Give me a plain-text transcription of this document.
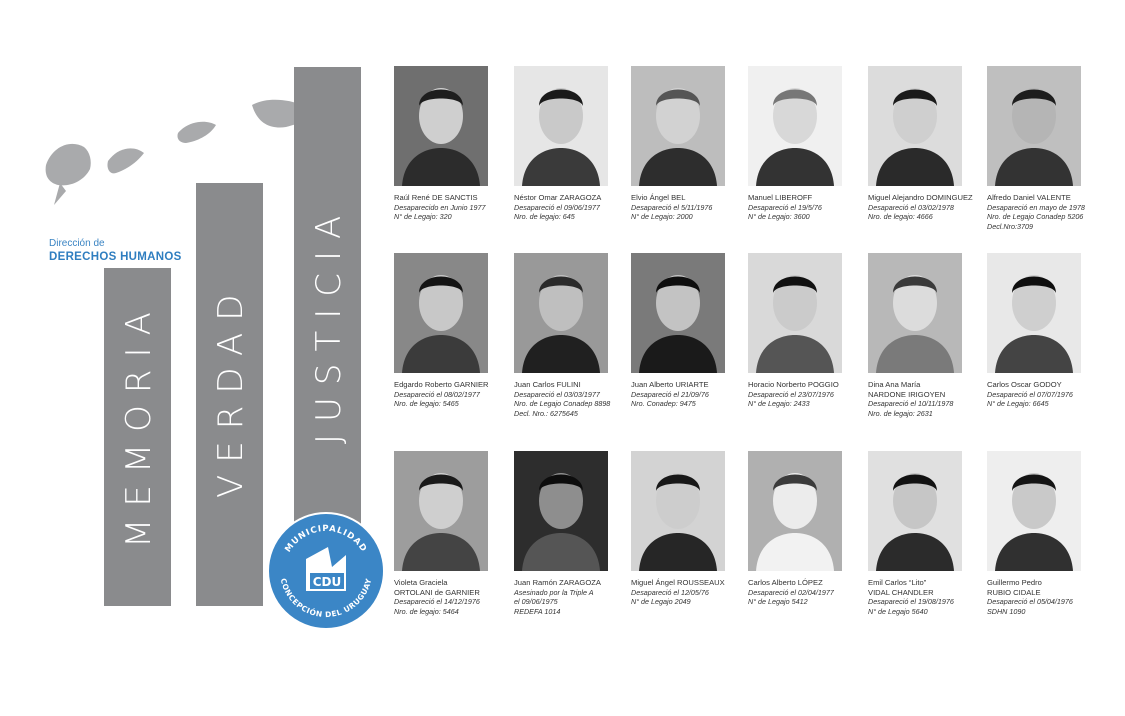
Dirección de
DERECHOS HUMANOS
MEMORIA VERDAD JUSTICIA
MUNICIPALIDAD
CONCEPCIÓN DEL URUGUAY
CDU
Raúl René DE SANCTIS
Desaparecido en Junio 1977
N° de Legajo: 320
Néstor Omar ZARAGOZA
Desapareció el 09/06/1977
Nro. de legajo: 645
Elvio Ángel BEL
Desapareció el 5/11/1976
N° de Legajo: 2000
Manuel LIBEROFF
Desapareció el 19/5/76
N° de Legajo: 3600
Miguel Alejandro DOMINGUEZ
Desapareció el 03/02/1978
Nro. de legajo: 4666
Alfredo Daniel VALENTE
Desapareció en mayo de 1978
Nro. de Legajo Conadep 5206
Decl.Nro:3709
Edgardo Roberto GARNIER
Desapareció el 08/02/1977
Nro. de legajo: 5465
Juan Carlos FULINI
Desapareció el 03/03/1977
Nro. de Legajo Conadep 8898
Decl. Nro.: 6275645
Juan Alberto URIARTE
Desapareció el 21/09/76
Nro. Conadep: 9475
Horacio Norberto POGGIO
Desapareció el 23/07/1976
N° de Legajo: 2433
Dina Ana María
NARDONE IRIGOYEN
Desapareció el 10/11/1978
Nro. de legajo: 2631
Carlos Oscar GODOY
Desapareció el 07/07/1976
N° de Legajo: 6645
Violeta Graciela
ORTOLANI de GARNIER
Desapareció el 14/12/1976
Nro. de legajo: 5464
Juan Ramón ZARAGOZA
Asesinado por la Triple A
el 09/06/1975
REDEFA 1014
Miguel Ángel ROUSSEAUX
Desapareció el 12/05/76
N° de Legajo 2049
Carlos Alberto LÓPEZ
Desapareció el 02/04/1977
N° de Legajo 5412
Emil Carlos “Lito”
VIDAL CHANDLER
Desapareció el 19/08/1976
N° de Legajo 5640
Guillermo Pedro
RUBIO CIDALE
Desapareció el 05/04/1976
SDHN 1090
